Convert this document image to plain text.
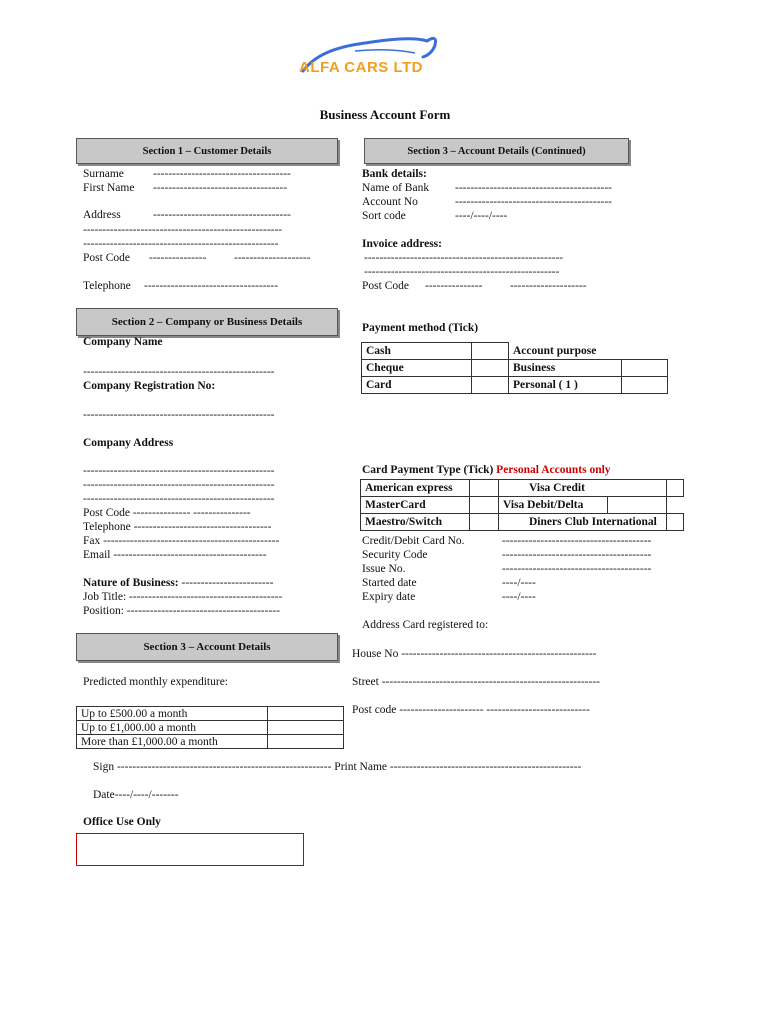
ALFA CARS LTD
Business Account Form
Section 1 – Customer Details
Surname	------------------------------------
First Name -----------------------------------
Address	------------------------------------
----------------------------------------------------
---------------------------------------------------
Post Code --------------- --------------------
Telephone -----------------------------------
Section 3 – Account Details (Continued)
Bank details:
Name of Bank -----------------------------------------
Account No	-----------------------------------------
Sort code	----/----/----
Invoice address:
----------------------------------------------------
---------------------------------------------------
Post Code --------------- --------------------
Section 2 – Company or Business Details
Company Name
--------------------------------------------------
Company Registration No:
--------------------------------------------------
Company Address
--------------------------------------------------
--------------------------------------------------
--------------------------------------------------
Post Code --------------- ---------------
Telephone ------------------------------------
Fax ----------------------------------------------
Email ----------------------------------------
Nature of Business: ------------------------
Job Title: ----------------------------------------
Position: ----------------------------------------
Payment method (Tick)
Cash		Account purpose	
Cheque		Business	
Card		Personal ( 1 )	
Card Payment Type (Tick) Personal Accounts only
American express		Visa Credit		
MasterCard		Visa Debit/Delta		
Maestro/Switch		Diners Club International		
Credit/Debit Card No.	---------------------------------------
Security Code	---------------------------------------
Issue No.	---------------------------------------
Started date	----/----
Expiry date	----/----
Address Card registered to:
House No ---------------------------------------------------
Street ---------------------------------------------------------
Post code ---------------------- ---------------------------
Section 3 – Account Details
Predicted monthly expenditure:
Up to £500.00 a month	
Up to £1,000.00 a month	
More than £1,000.00 a month	
Sign -------------------------------------------------------- Print Name --------------------------------------------------
Date----/----/-------
Office Use Only
